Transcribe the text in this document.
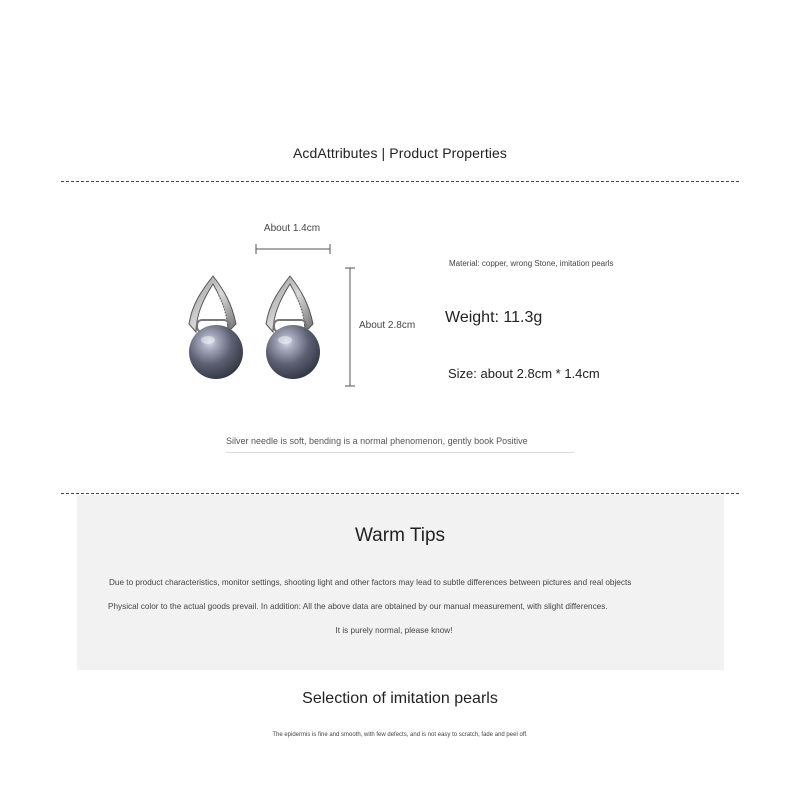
AcdAttributes | Product Properties
About 1.4cm
About 2.8cm
Material: copper, wrong Stone, imitation pearls
Weight: 11.3g
Size: about 2.8cm * 1.4cm
Silver needle is soft, bending is a normal phenomenon, gently book Positive
Warm Tips
Due to product characteristics, monitor settings, shooting light and other factors may lead to subtle differences between pictures and real objects
Physical color to the actual goods prevail. In addition: All the above data are obtained by our manual measurement, with slight differences.
It is purely normal, please know!
Selection of imitation pearls
The epidermis is fine and smooth, with few defects, and is not easy to scratch, fade and peel off.
